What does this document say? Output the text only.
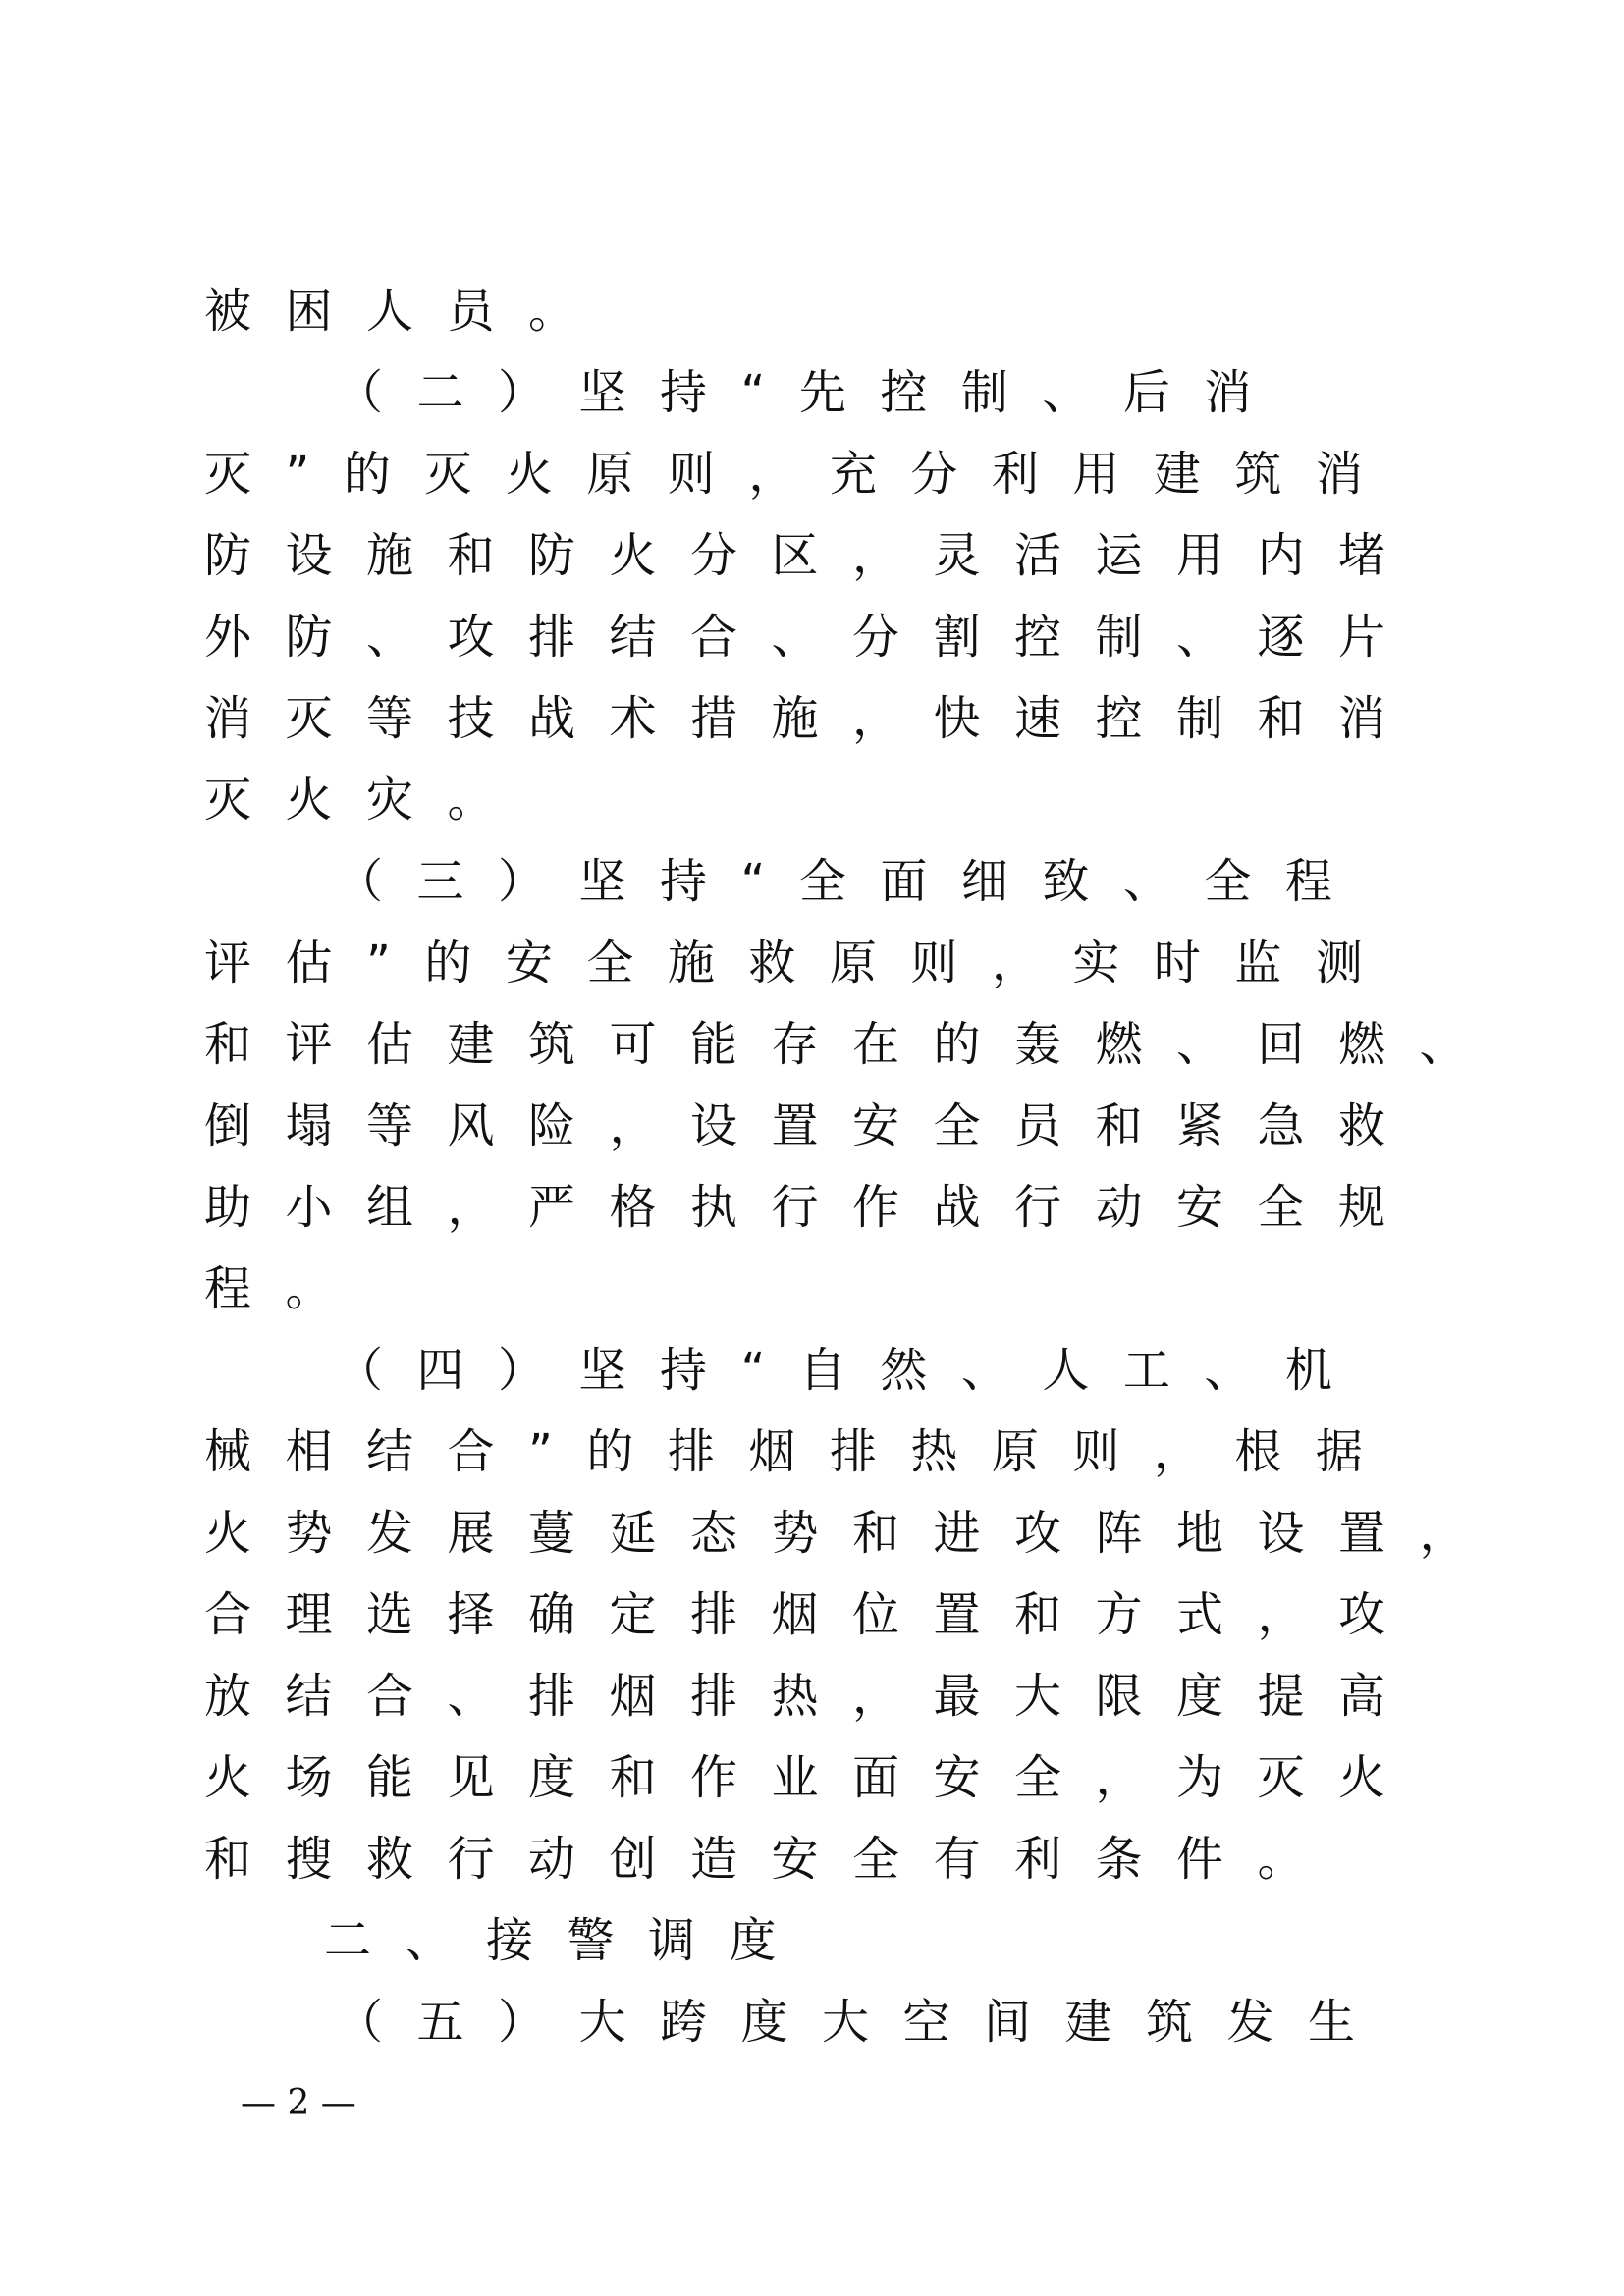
被困人员。

（二）坚持“先控制、后消

灭”的灭火原则，充分利用建筑消

防设施和防火分区，灵活运用内堵

外防、攻排结合、分割控制、逐片

消灭等技战术措施，快速控制和消

灭火灾。

（三）坚持“全面细致、全程

评估”的安全施救原则，实时监测

和评估建筑可能存在的轰燃、回燃、

倒塌等风险，设置安全员和紧急救

助小组，严格执行作战行动安全规

程。

（四）坚持“自然、人工、机

械相结合”的排烟排热原则，根据

火势发展蔓延态势和进攻阵地设置，

合理选择确定排烟位置和方式，攻

放结合、排烟排热，最大限度提高

火场能见度和作业面安全，为灭火

和搜救行动创造安全有利条件。

二、接警调度

（五）大跨度大空间建筑发生

— 2 —
